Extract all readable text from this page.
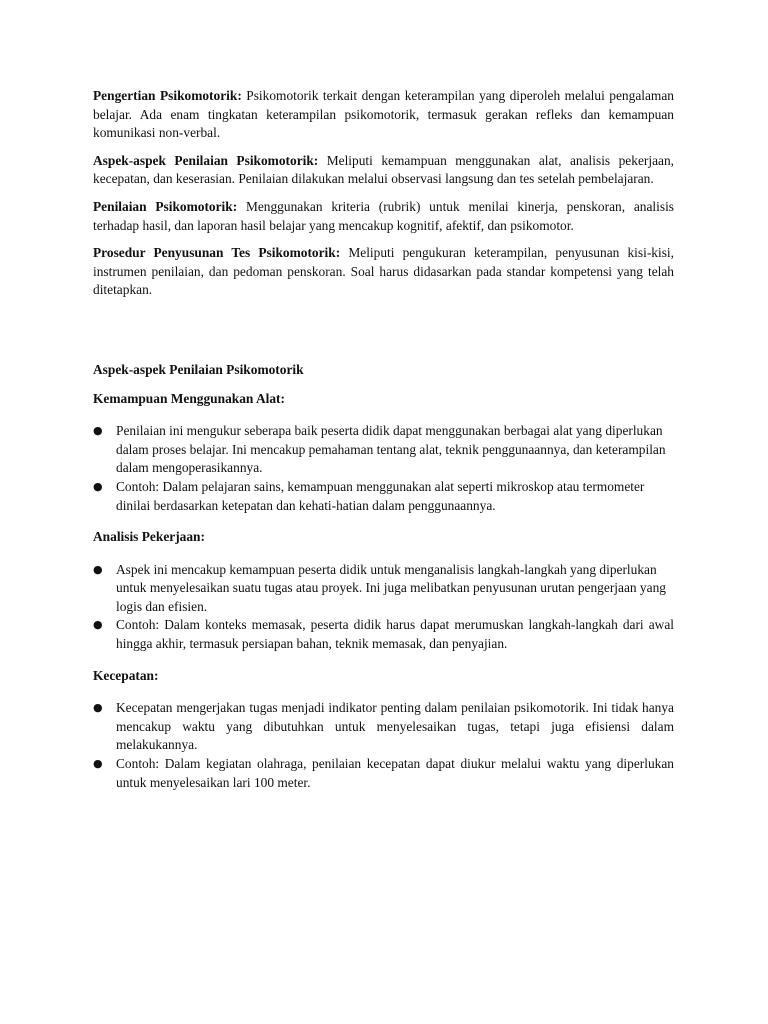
Pengertian Psikomotorik: Psikomotorik terkait dengan keterampilan yang diperoleh melalui pengalaman belajar. Ada enam tingkatan keterampilan psikomotorik, termasuk gerakan refleks dan kemampuan komunikasi non-verbal.

Aspek-aspek Penilaian Psikomotorik: Meliputi kemampuan menggunakan alat, analisis pekerjaan, kecepatan, dan keserasian. Penilaian dilakukan melalui observasi langsung dan tes setelah pembelajaran.

Penilaian Psikomotorik: Menggunakan kriteria (rubrik) untuk menilai kinerja, penskoran, analisis terhadap hasil, dan laporan hasil belajar yang mencakup kognitif, afektif, dan psikomotor.

Prosedur Penyusunan Tes Psikomotorik: Meliputi pengukuran keterampilan, penyusunan kisi-kisi, instrumen penilaian, dan pedoman penskoran. Soal harus didasarkan pada standar kompetensi yang telah ditetapkan.

Aspek-aspek Penilaian Psikomotorik
Kemampuan Menggunakan Alat:
● Penilaian ini mengukur seberapa baik peserta didik dapat menggunakan berbagai alat yang diperlukan dalam proses belajar. Ini mencakup pemahaman tentang alat, teknik penggunaannya, dan keterampilan dalam mengoperasikannya.
● Contoh: Dalam pelajaran sains, kemampuan menggunakan alat seperti mikroskop atau termometer dinilai berdasarkan ketepatan dan kehati-hatian dalam penggunaannya.
Analisis Pekerjaan:
● Aspek ini mencakup kemampuan peserta didik untuk menganalisis langkah-langkah yang diperlukan untuk menyelesaikan suatu tugas atau proyek. Ini juga melibatkan penyusunan urutan pengerjaan yang logis dan efisien.
● Contoh: Dalam konteks memasak, peserta didik harus dapat merumuskan langkah-langkah dari awal hingga akhir, termasuk persiapan bahan, teknik memasak, dan penyajian.
Kecepatan:
● Kecepatan mengerjakan tugas menjadi indikator penting dalam penilaian psikomotorik. Ini tidak hanya mencakup waktu yang dibutuhkan untuk menyelesaikan tugas, tetapi juga efisiensi dalam melakukannya.
● Contoh: Dalam kegiatan olahraga, penilaian kecepatan dapat diukur melalui waktu yang diperlukan untuk menyelesaikan lari 100 meter.
